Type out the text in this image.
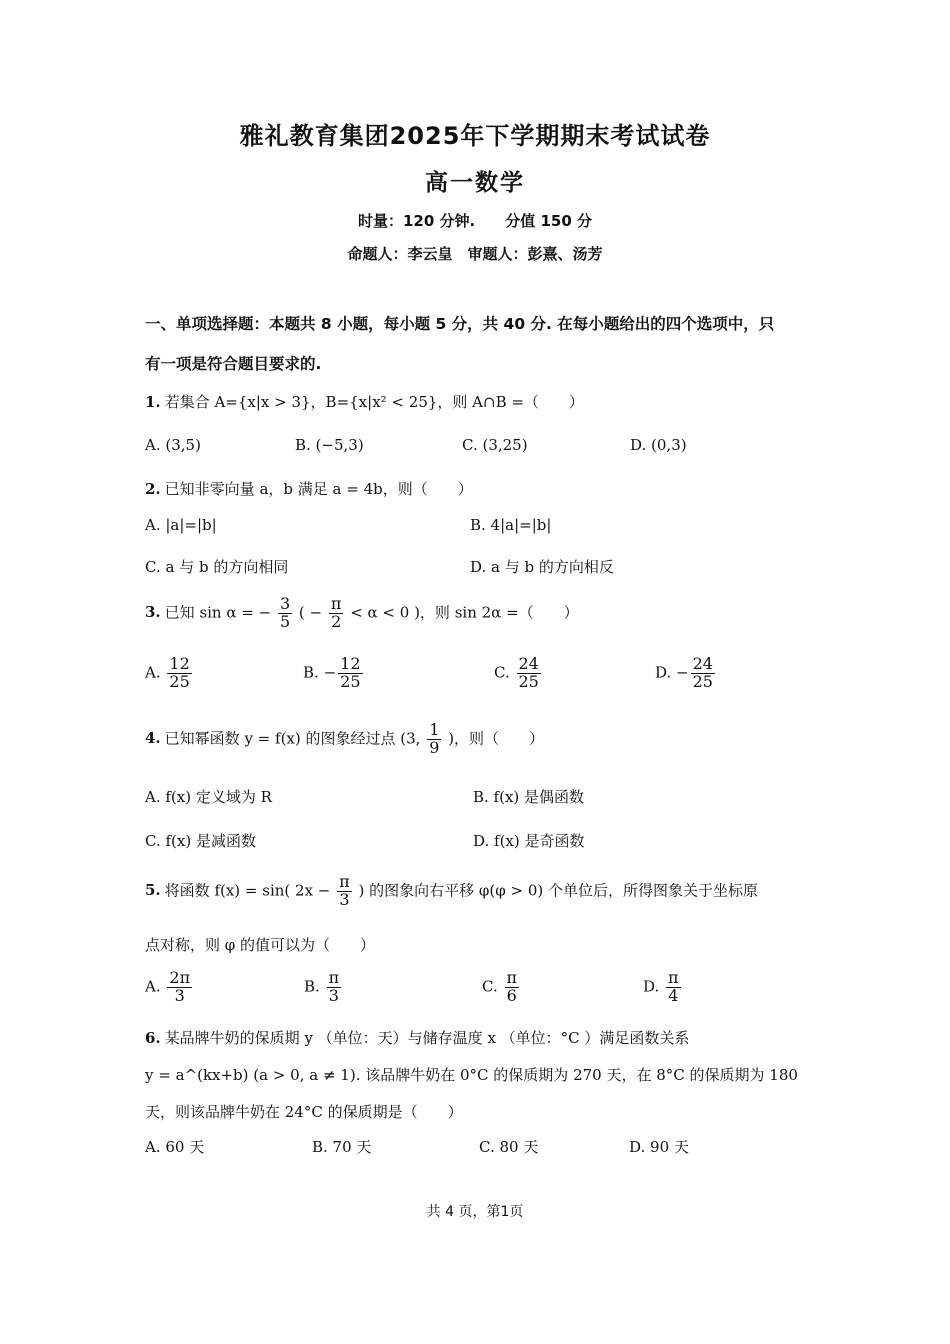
雅礼教育集团2025年下学期期末考试试卷
高一数学
时量：120 分钟.　　分值 150 分
命题人：李云皇　审题人：彭熹、汤芳
一、单项选择题：本题共 8 小题，每小题 5 分，共 40 分. 在每小题给出的四个选项中，只
有一项是符合题目要求的.
1. 若集合 A={x|x > 3}，B={x|x² < 25}，则 A∩B =（　　）
A. (3,5)	B. (−5,3)	C. (3,25)	D. (0,3)
2. 已知非零向量 a，b 满足 a = 4b，则（　　）
A. |a|=|b|	B. 4|a|=|b|
C. a 与 b 的方向相同	D. a 与 b 的方向相反
3. 已知 sin α = − $\frac{3}{5}$ ( − $\frac{\pi}{2} < \alpha < 0$ )，则 sin 2α =（　　）
A. $\frac{12}{25}$	B. − $\frac{12}{25}$	C. $\frac{24}{25}$	D. − $\frac{24}{25}$
4. 已知幂函数 y = f(x) 的图象经过点 (3, $\frac{1}{9}$ )，则（　　）
A. f(x) 定义域为 R	B. f(x) 是偶函数
C. f(x) 是减函数	D. f(x) 是奇函数
5. 将函数 f(x) = sin( $2x - \frac{\pi}{3}$ ) 的图象向右平移 φ(φ > 0) 个单位后，所得图象关于坐标原
点对称，则 φ 的值可以为（　　）
A. $\frac{2\pi}{3}$	B. $\frac{\pi}{3}$	C. $\frac{\pi}{6}$	D. $\frac{\pi}{4}$
6. 某品牌牛奶的保质期 y （单位：天）与储存温度 x （单位：°C ）满足函数关系
y = a^(kx+b) (a > 0, a ≠ 1). 该品牌牛奶在 0°C 的保质期为 270 天，在 8°C 的保质期为 180
天，则该品牌牛奶在 24°C 的保质期是（　　）
A. 60 天	B. 70 天	C. 80 天	D. 90 天
共 4 页，第1页
